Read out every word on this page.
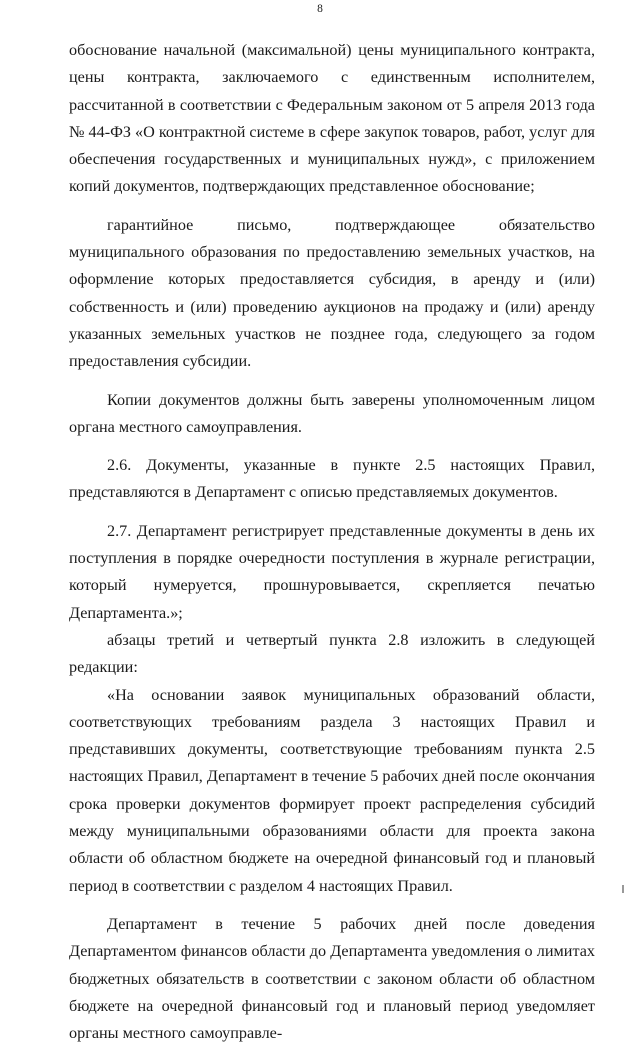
8

обоснование начальной (максимальной) цены муниципального контракта, цены контракта, заключаемого с единственным исполнителем, рассчитанной в соответствии с Федеральным законом от 5 апреля 2013 года № 44-ФЗ «О контрактной системе в сфере закупок товаров, работ, услуг для обеспечения государственных и муниципальных нужд», с приложением копий документов, подтверждающих представленное обоснование;

гарантийное письмо, подтверждающее обязательство муниципального образования по предоставлению земельных участков, на оформление которых предоставляется субсидия, в аренду и (или) собственность и (или) проведению аукционов на продажу и (или) аренду указанных земельных участков не позднее года, следующего за годом предоставления субсидии.

Копии документов должны быть заверены уполномоченным лицом органа местного самоуправления.

2.6. Документы, указанные в пункте 2.5 настоящих Правил, представляются в Департамент с описью представляемых документов.

2.7. Департамент регистрирует представленные документы в день их поступления в порядке очередности поступления в журнале регистрации, который нумеруется, прошнуровывается, скрепляется печатью Департамента.»;

абзацы третий и четвертый пункта 2.8 изложить в следующей редакции:

«На основании заявок муниципальных образований области, соответствующих требованиям раздела 3 настоящих Правил и представивших документы, соответствующие требованиям пункта 2.5 настоящих Правил, Департамент в течение 5 рабочих дней после окончания срока проверки документов формирует проект распределения субсидий между муниципальными образованиями области для проекта закона области об областном бюджете на очередной финансовый год и плановый период в соответствии с разделом 4 настоящих Правил.

Департамент в течение 5 рабочих дней после доведения Департаментом финансов области до Департамента уведомления о лимитах бюджетных обязательств в соответствии с законом области об областном бюджете на очередной финансовый год и плановый период уведомляет органы местного самоуправле-
